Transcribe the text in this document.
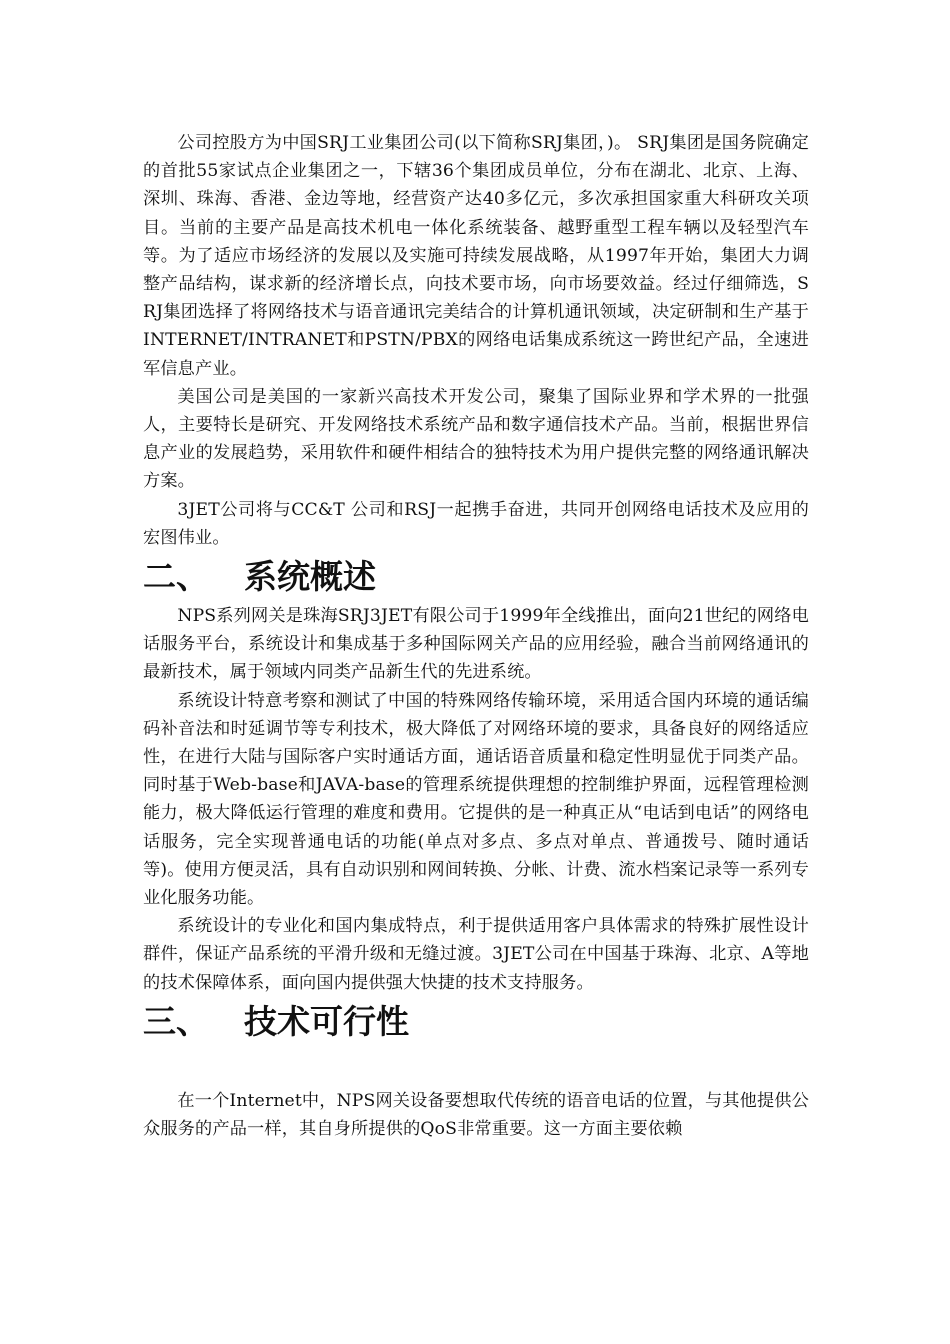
公司控股方为中国SRJ工业集团公司(以下简称SRJ集团，)。 SRJ集团是国务院确定的首批55家试点企业集团之一，下辖36个集团成员单位，分布在湖北、北京、上海、深圳、珠海、香港、金边等地，经营资产达40多亿元，多次承担国家重大科研攻关项目。当前的主要产品是高技术机电一体化系统装备、越野重型工程车辆以及轻型汽车等。为了适应市场经济的发展以及实施可持续发展战略，从1997年开始，集团大力调整产品结构，谋求新的经济增长点，向技术要市场，向市场要效益。经过仔细筛选，SRJ集团选择了将网络技术与语音通讯完美结合的计算机通讯领域，决定研制和生产基于INTERNET/INTRANET和PSTN/PBX的网络电话集成系统这一跨世纪产品，全速进军信息产业。

美国公司是美国的一家新兴高技术开发公司，聚集了国际业界和学术界的一批强人，主要特长是研究、开发网络技术系统产品和数字通信技术产品。当前，根据世界信息产业的发展趋势，采用软件和硬件相结合的独特技术为用户提供完整的网络通讯解决方案。

3JET公司将与CC&T 公司和RSJ一起携手奋进，共同开创网络电话技术及应用的宏图伟业。

二、	系统概述

NPS系列网关是珠海SRJ3JET有限公司于1999年全线推出，面向21世纪的网络电话服务平台，系统设计和集成基于多种国际网关产品的应用经验，融合当前网络通讯的最新技术，属于领域内同类产品新生代的先进系统。

系统设计特意考察和测试了中国的特殊网络传输环境，采用适合国内环境的通话编码补音法和时延调节等专利技术，极大降低了对网络环境的要求，具备良好的网络适应性，在进行大陆与国际客户实时通话方面，通话语音质量和稳定性明显优于同类产品。同时基于Web-base和JAVA-base的管理系统提供理想的控制维护界面，远程管理检测能力，极大降低运行管理的难度和费用。它提供的是一种真正从“电话到电话”的网络电话服务，完全实现普通电话的功能(单点对多点、多点对单点、普通拨号、随时通话等)。使用方便灵活，具有自动识别和网间转换、分帐、计费、流水档案记录等一系列专业化服务功能。

系统设计的专业化和国内集成特点，利于提供适用客户具体需求的特殊扩展性设计群件，保证产品系统的平滑升级和无缝过渡。3JET公司在中国基于珠海、北京、A等地的技术保障体系，面向国内提供强大快捷的技术支持服务。

三、	技术可行性

在一个Internet中，NPS网关设备要想取代传统的语音电话的位置，与其他提供公众服务的产品一样，其自身所提供的QoS非常重要。这一方面主要依赖
